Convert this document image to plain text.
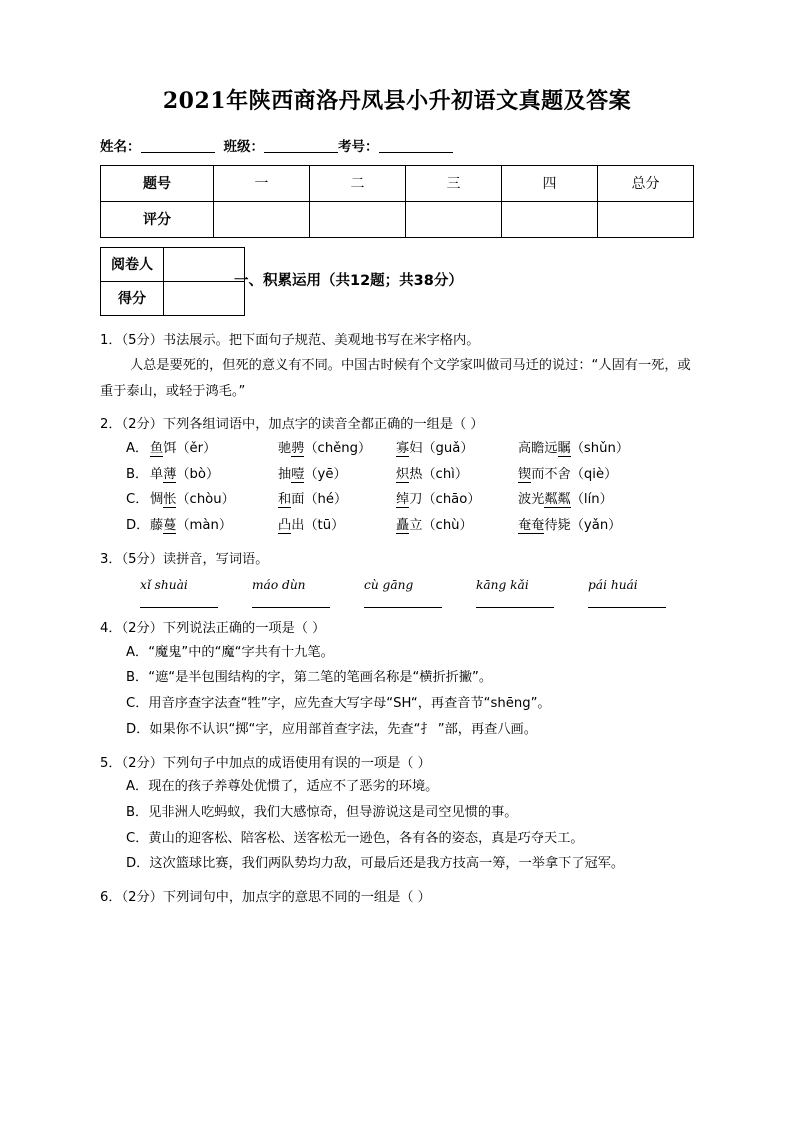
2021年陕西商洛丹凤县小升初语文真题及答案
姓名：	班级：	考号：
题号	一	二	三	四	总分
评分					
阅卷人	
得分	
一、积累运用（共12题；共38分）
1．（5分）书法展示。把下面句子规范、美观地书写在米字格内。
人总是要死的，但死的意义有不同。中国古时候有个文学家叫做司马迁的说过：“人固有一死，或重于泰山，或轻于鸿毛。”
2．（2分）下列各组词语中，加点字的读音全都正确的一组是（ ）
A． 鱼饵（ěr）	驰骋（chěng）	寡妇（guǎ）	高瞻远瞩（shǔn）
B． 单薄（bò）	抽噎（yē）	炽热（chì）	锲而不舍（qiè）
C． 惆怅（chòu）	和面（hé）	绰刀（chāo）	波光粼粼（lín）
D． 藤蔓（màn）	凸出（tū）	矗立（chù）	奄奄待毙（yǎn）
3．（5分）读拼音，写词语。
xǐ shuài	máo dùn	cù gāng	kāng kǎi	pái huái
4．（2分）下列说法正确的一项是（ ）
A．“魔鬼”中的“魔“字共有十九笔。
B．“遮“是半包围结构的字，第二笔的笔画名称是“横折折撇”。
C．用音序查字法查“牲”字，应先查大写字母“SH“，再查音节“shēng”。
D．如果你不认识“掷“字，应用部首查字法，先查“扌 ”部，再查八画。
5．（2分）下列句子中加点的成语使用有误的一项是（ ）
A．现在的孩子养尊处优惯了，适应不了恶劣的环境。
B．见非洲人吃蚂蚁，我们大感惊奇，但导游说这是司空见惯的事。
C．黄山的迎客松、陪客松、送客松无一逊色，各有各的姿态，真是巧夺天工。
D．这次篮球比赛，我们两队势均力敌，可最后还是我方技高一筹，一举拿下了冠军。
6．（2分）下列词句中，加点字的意思不同的一组是（ ）
